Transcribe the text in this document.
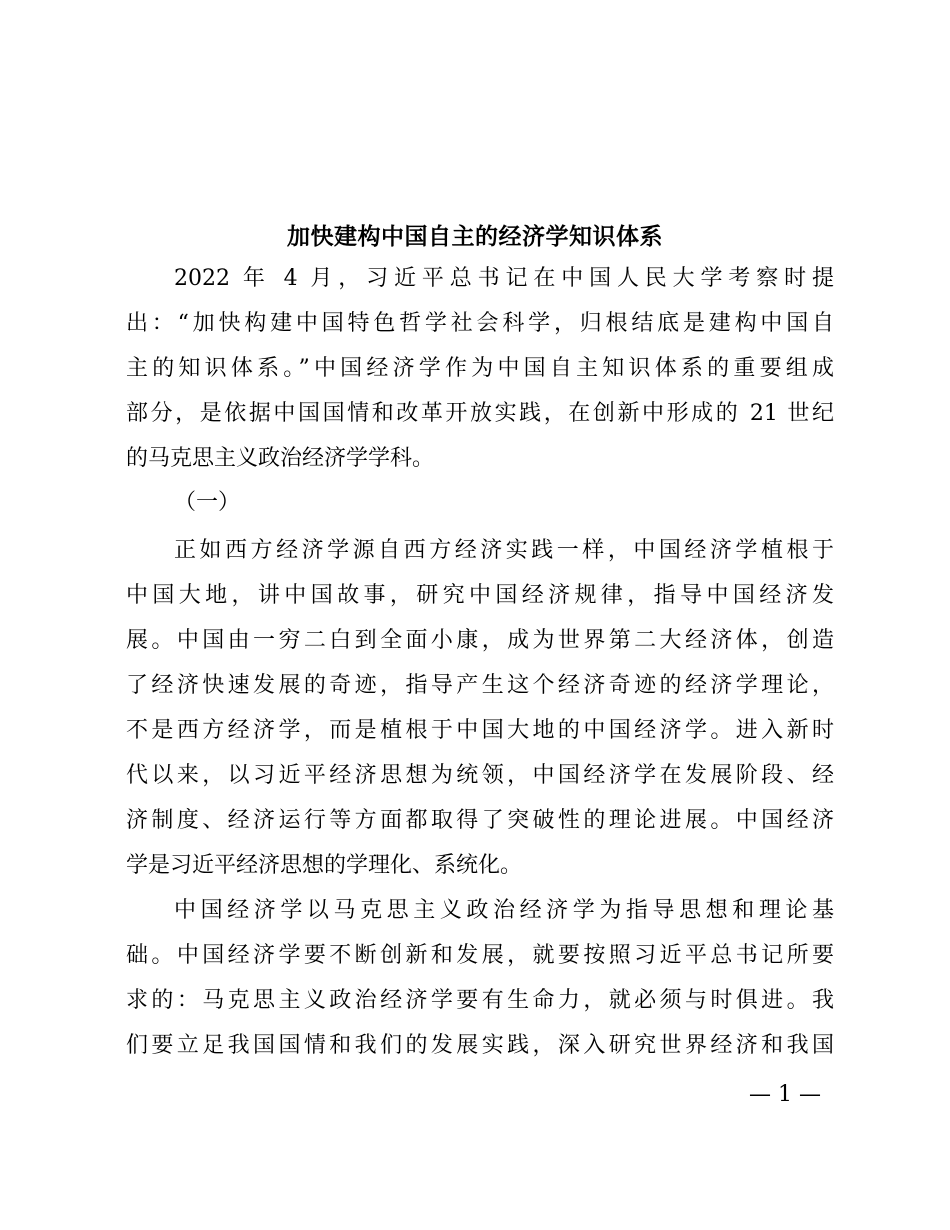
加快建构中国自主的经济学知识体系
2022 年 4 月，习近平总书记在中国人民大学考察时提
出：“加快构建中国特色哲学社会科学，归根结底是建构中国自
主的知识体系。”中国经济学作为中国自主知识体系的重要组成
部分，是依据中国国情和改革开放实践，在创新中形成的 21 世纪
的马克思主义政治经济学学科。
（一）
正如西方经济学源自西方经济实践一样，中国经济学植根于
中国大地，讲中国故事，研究中国经济规律，指导中国经济发
展。中国由一穷二白到全面小康，成为世界第二大经济体，创造
了经济快速发展的奇迹，指导产生这个经济奇迹的经济学理论，
不是西方经济学，而是植根于中国大地的中国经济学。进入新时
代以来，以习近平经济思想为统领，中国经济学在发展阶段、经
济制度、经济运行等方面都取得了突破性的理论进展。中国经济
学是习近平经济思想的学理化、系统化。
中国经济学以马克思主义政治经济学为指导思想和理论基
础。中国经济学要不断创新和发展，就要按照习近平总书记所要
求的：马克思主义政治经济学要有生命力，就必须与时俱进。我
们要立足我国国情和我们的发展实践，深入研究世界经济和我国
— 1 —
